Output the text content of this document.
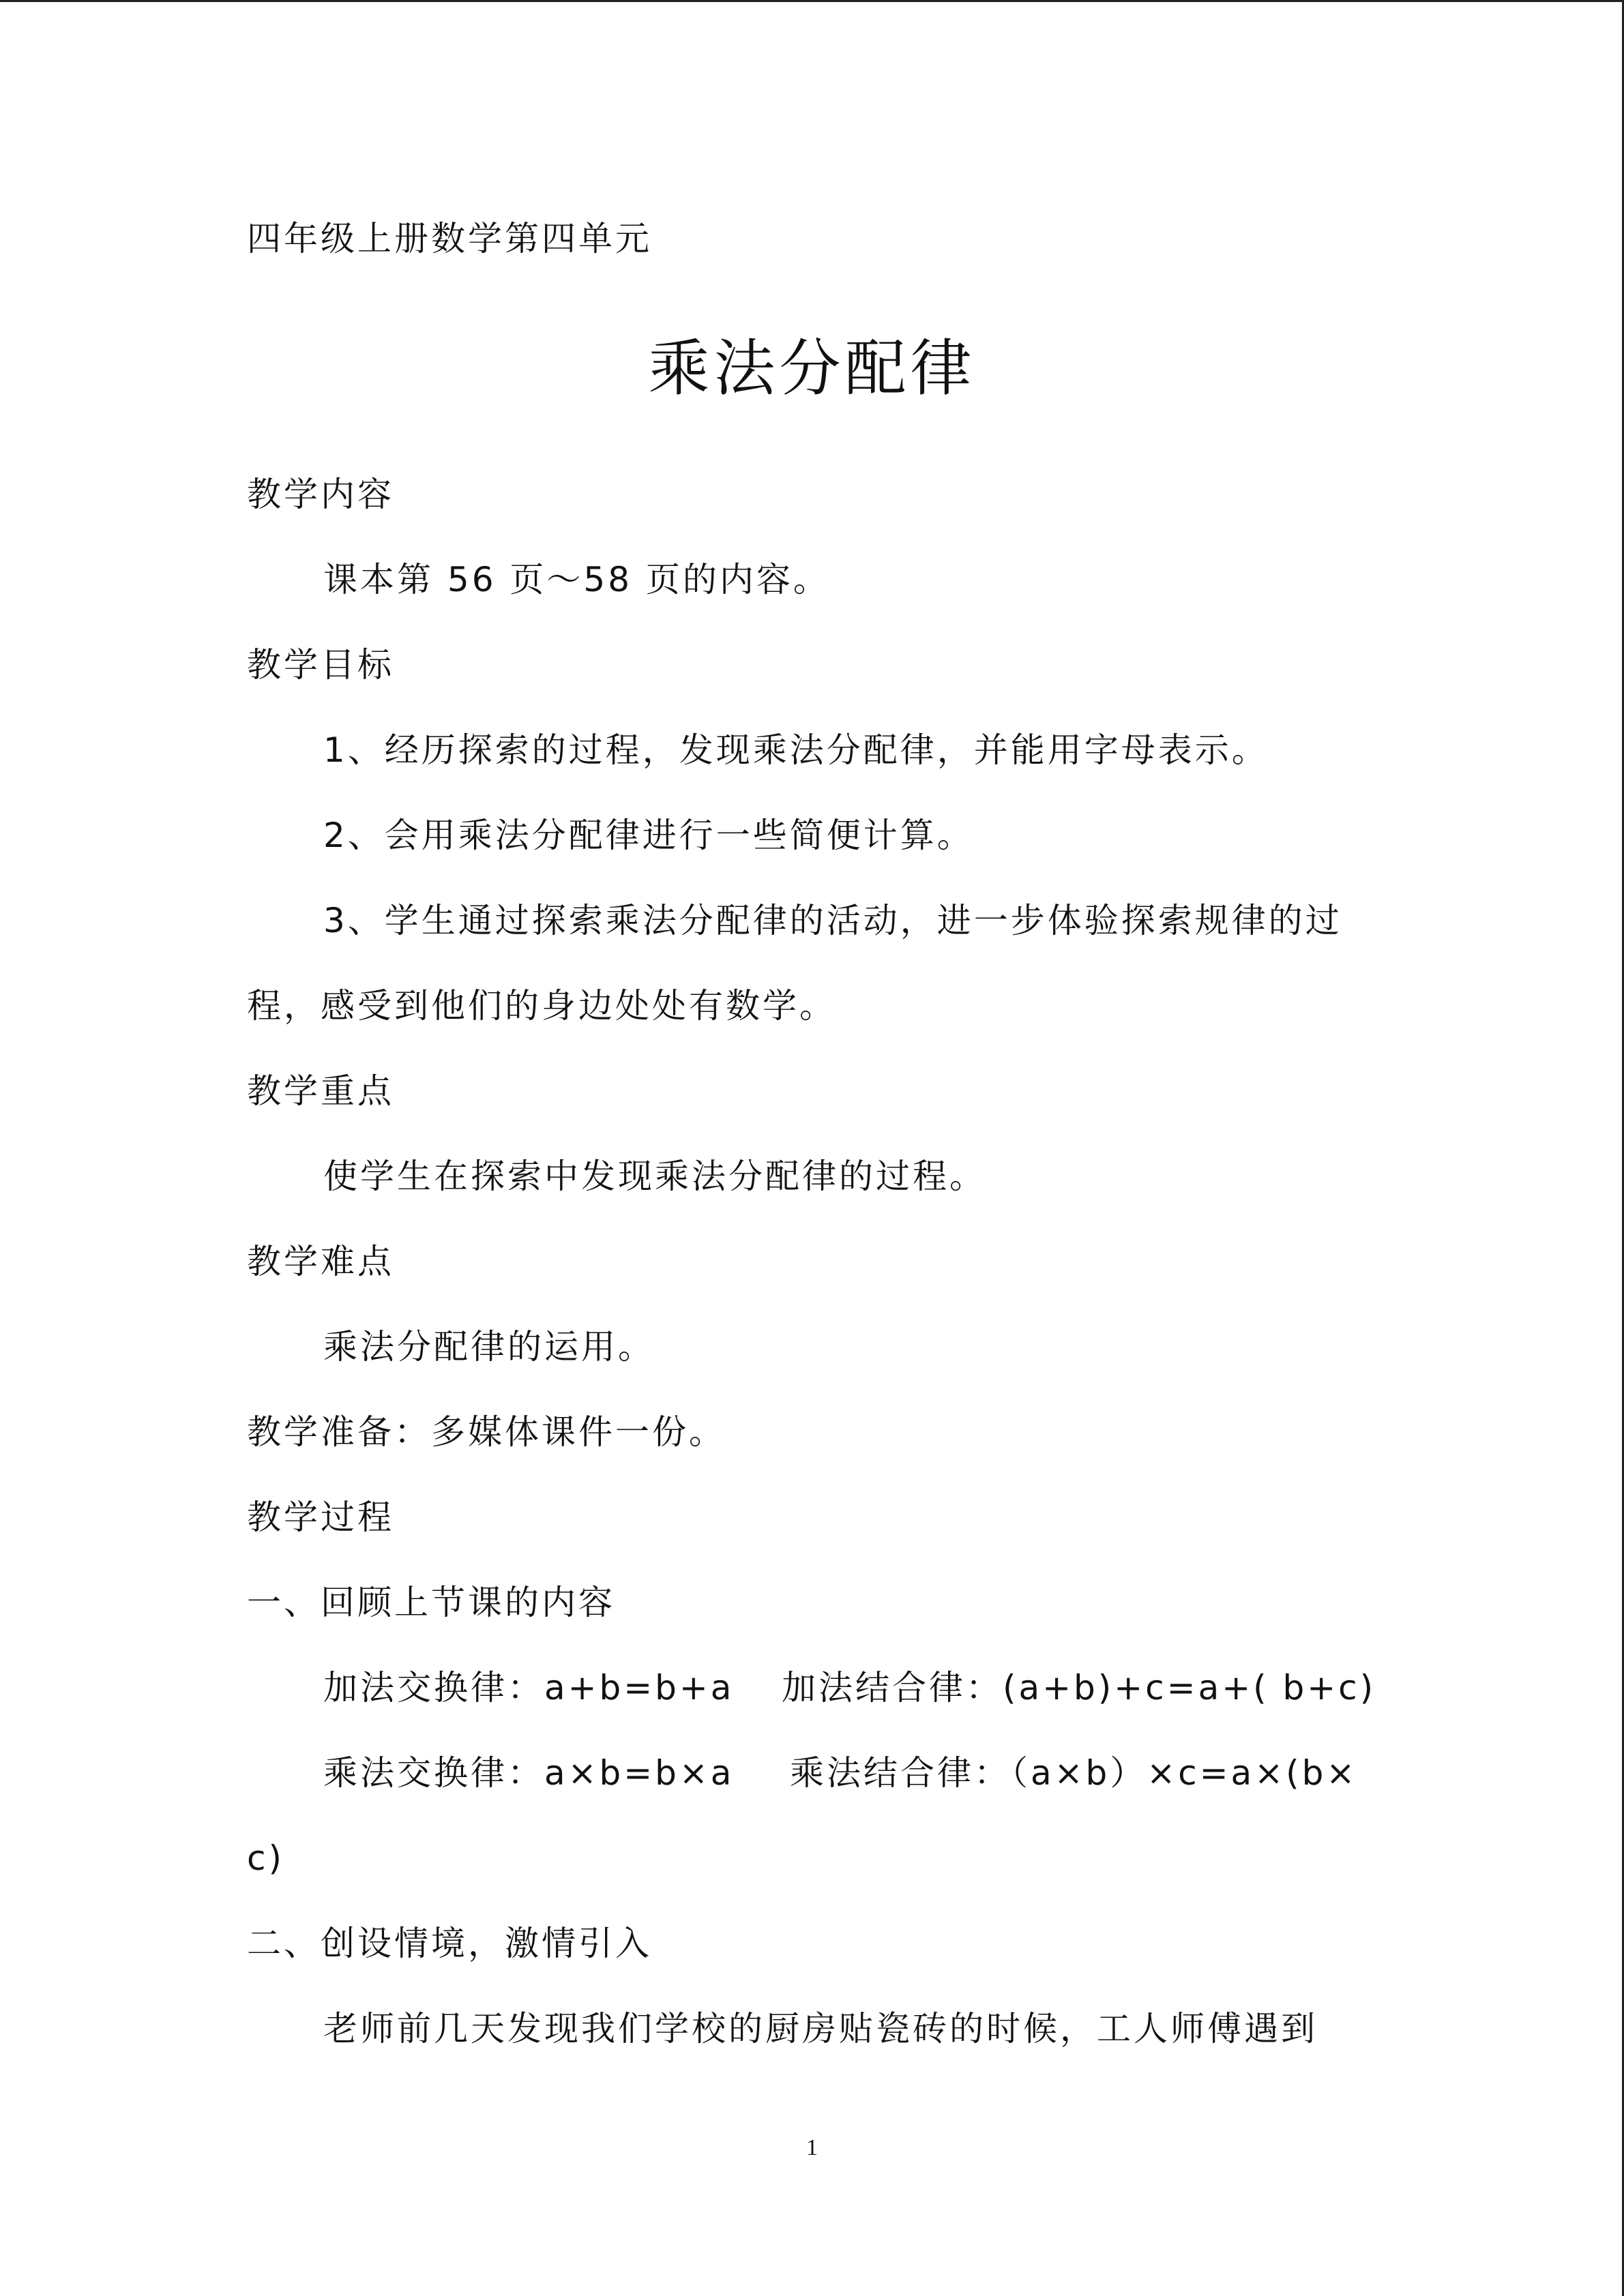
四年级上册数学第四单元
乘法分配律
教学内容
课本第 56 页～58 页的内容。
教学目标
1、经历探索的过程，发现乘法分配律，并能用字母表示。
2、会用乘法分配律进行一些简便计算。
3、学生通过探索乘法分配律的活动，进一步体验探索规律的过
程，感受到他们的身边处处有数学。
教学重点
使学生在探索中发现乘法分配律的过程。
教学难点
乘法分配律的运用。
教学准备：多媒体课件一份。
教学过程
一、回顾上节课的内容
加法交换律：a+b=b+a 加法结合律：(a+b)+c=a+( b+c)
乘法交换律：a×b=b×a 乘法结合律：（a×b）×c=a×(b×
c)
二、创设情境，激情引入
老师前几天发现我们学校的厨房贴瓷砖的时候，工人师傅遇到
1
